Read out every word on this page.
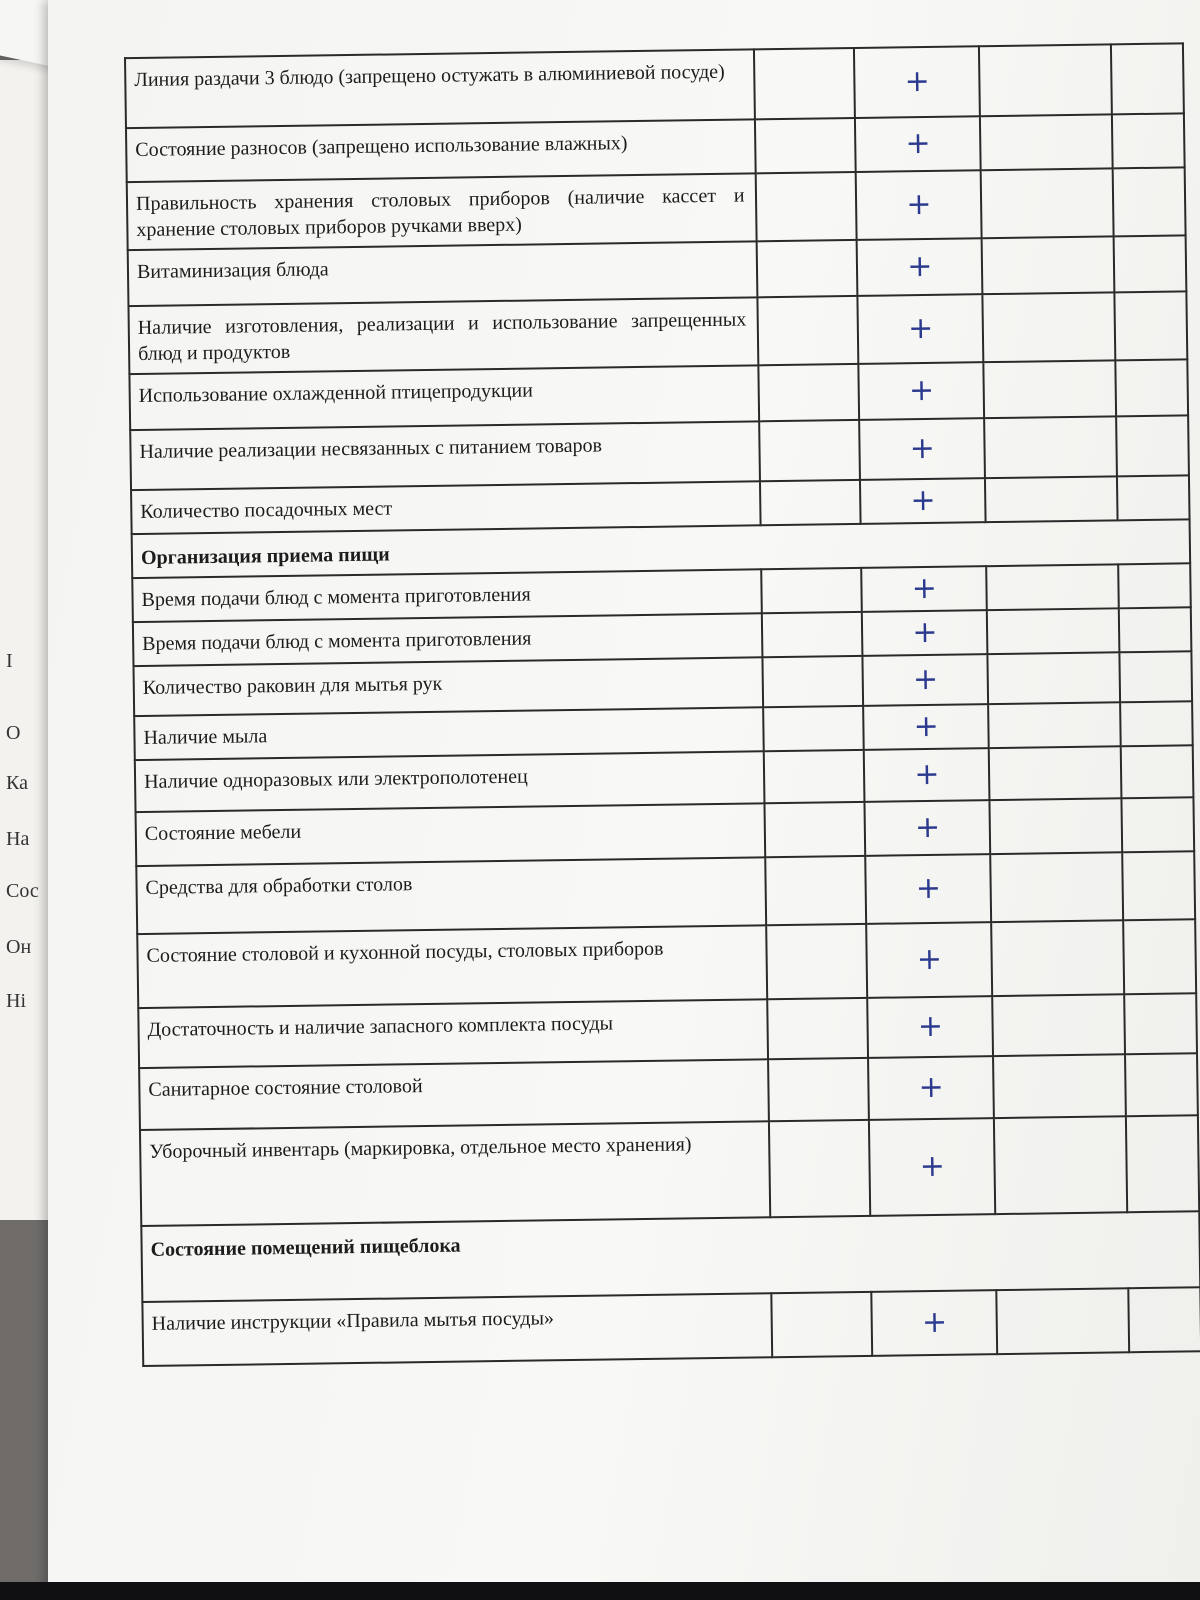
I
О
Ка
На
Сос
Он
Ні
Линия раздачи 3 блюдо (запрещено остужать в алюминиевой посуде)		+		
Состояние разносов (запрещено использование влажных)		+		
Правильность хранения столовых приборов (наличие кассет и хранение столовых приборов ручками вверх)		+		
Витаминизация блюда		+		
Наличие изготовления, реализации и использование запрещенных блюд и продуктов		+		
Использование охлажденной птицепродукции		+		
Наличие реализации несвязанных с питанием товаров		+		
Количество посадочных мест		+		
Организация приема пищи				
Время подачи блюд с момента приготовления		+		
Время подачи блюд с момента приготовления		+		
Количество раковин для мытья рук		+		
Наличие мыла		+		
Наличие одноразовых или электрополотенец		+		
Состояние мебели		+		
Средства для обработки столов		+		
Состояние столовой и кухонной посуды, столовых приборов		+		
Достаточность и наличие запасного комплекта посуды		+		
Санитарное состояние столовой		+		
Уборочный инвентарь (маркировка, отдельное место хранения)		+		
Состояние помещений пищеблока				
Наличие инструкции «Правила мытья посуды»		+		
